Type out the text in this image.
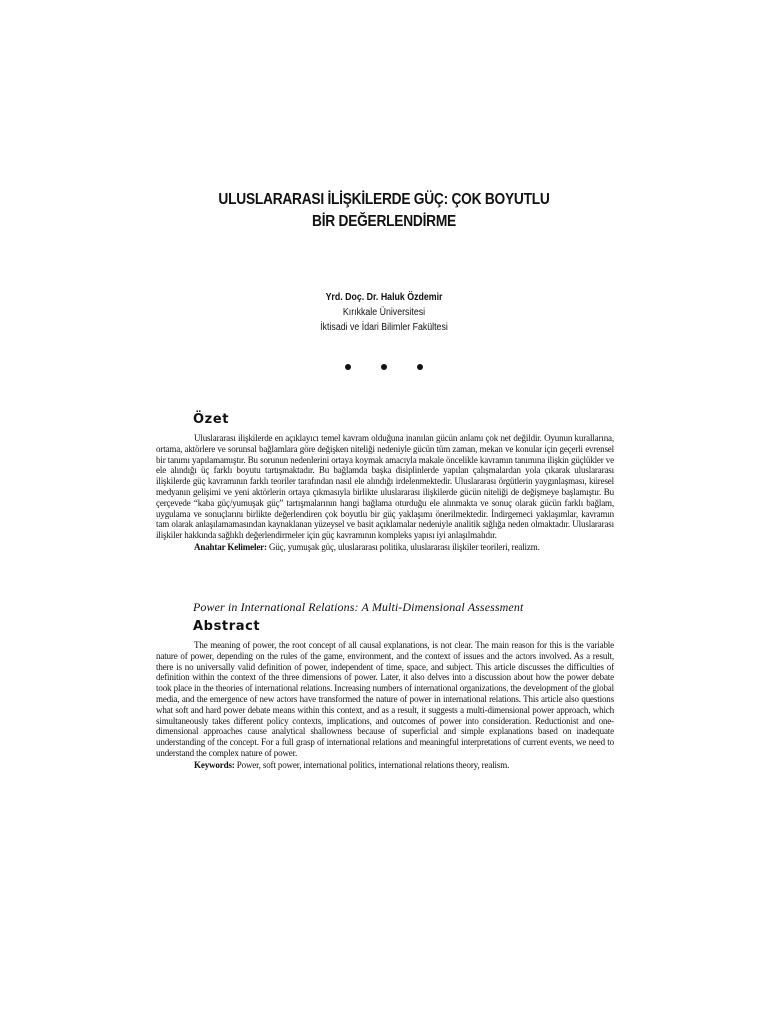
ULUSLARARASI İLİŞKİLERDE GÜÇ: ÇOK BOYUTLU
BİR DEĞERLENDİRME
Yrd. Doç. Dr. Haluk Özdemir
Kırıkkale Üniversitesi
İktisadi ve İdari Bilimler Fakültesi
Özet

Uluslararası ilişkilerde en açıklayıcı temel kavram olduğuna inanılan gücün anlamı çok net değildir. Oyunun kurallarına, ortama, aktörlere ve sorunsal bağlamlara göre değişken niteliği nedeniyle gücün tüm zaman, mekan ve konular için geçerli evrensel bir tanımı yapılamamıştır. Bu sorunun nedenlerini ortaya koymak amacıyla makale öncelikle kavramın tanımına ilişkin güçlükler ve ele alındığı üç farklı boyutu tartışmaktadır. Bu bağlamda başka disiplinlerde yapılan çalışmalardan yola çıkarak uluslararası ilişkilerde güç kavramının farklı teoriler tarafından nasıl ele alındığı irdelenmektedir. Uluslararası örgütlerin yaygınlaşması, küresel medyanın gelişimi ve yeni aktörlerin ortaya çıkmasıyla birlikte uluslararası ilişkilerde gücün niteliği de değişmeye başlamıştır. Bu çerçevede “kaba güç/yumuşak güç” tartışmalarının hangi bağlama oturduğu ele alınmakta ve sonuç olarak gücün farklı bağlam, uygulama ve sonuçlarını birlikte değerlendiren çok boyutlu bir güç yaklaşımı önerilmektedir. İndirgemeci yaklaşımlar, kavramın tam olarak anlaşılamamasından kaynaklanan yüzeysel ve basit açıklamalar nedeniyle analitik sığlığa neden olmaktadır. Uluslararası ilişkiler hakkında sağlıklı değerlendirmeler için güç kavramının kompleks yapısı iyi anlaşılmalıdır.

Anahtar Kelimeler: Güç, yumuşak güç, uluslararası politika, uluslararası ilişkiler teorileri, realizm.

Power in International Relations: A Multi-Dimensional Assessment
Abstract

The meaning of power, the root concept of all causal explanations, is not clear. The main reason for this is the variable nature of power, depending on the rules of the game, environment, and the context of issues and the actors involved. As a result, there is no universally valid definition of power, independent of time, space, and subject. This article discusses the difficulties of definition within the context of the three dimensions of power. Later, it also delves into a discussion about how the power debate took place in the theories of international relations. Increasing numbers of international organizations, the development of the global media, and the emergence of new actors have transformed the nature of power in international relations. This article also questions what soft and hard power debate means within this context, and as a result, it suggests a multi-dimensional power approach, which simultaneously takes different policy contexts, implications, and outcomes of power into consideration. Reductionist and one-dimensional approaches cause analytical shallowness because of superficial and simple explanations based on inadequate understanding of the concept. For a full grasp of international relations and meaningful interpretations of current events, we need to understand the complex nature of power.

Keywords: Power, soft power, international politics, international relations theory, realism.
